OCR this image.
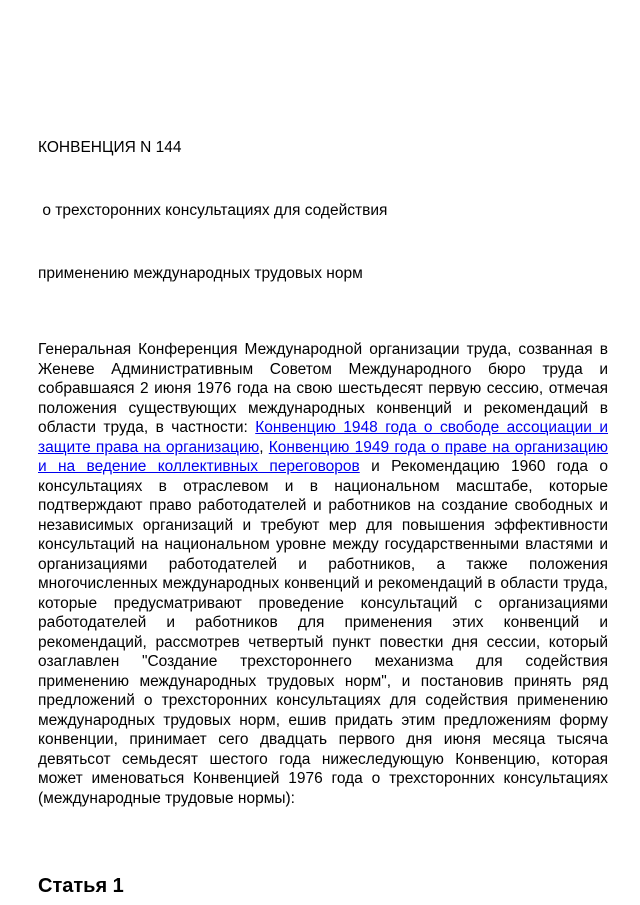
КОНВЕНЦИЯ N 144

о трехсторонних консультациях для содействия

применению международных трудовых норм

Генеральная Конференция Международной организации труда, созванная в Женеве Административным Советом Международного бюро труда и собравшаяся 2 июня 1976 года на свою шестьдесят первую сессию, отмечая положения существующих международных конвенций и рекомендаций в области труда, в частности: Конвенцию 1948 года о свободе ассоциации и защите права на организацию, Конвенцию 1949 года о праве на организацию и на ведение коллективных переговоров и Рекомендацию 1960 года о консультациях в отраслевом и в национальном масштабе, которые подтверждают право работодателей и работников на создание свободных и независимых организаций и требуют мер для повышения эффективности консультаций на национальном уровне между государственными властями и организациями работодателей и работников, а также положения многочисленных международных конвенций и рекомендаций в области труда, которые предусматривают проведение консультаций с организациями работодателей и работников для применения этих конвенций и рекомендаций, рассмотрев четвертый пункт повестки дня сессии, который озаглавлен "Создание трехстороннего механизма для содействия применению международных трудовых норм", и постановив принять ряд предложений о трехсторонних консультациях для содействия применению международных трудовых норм, ешив придать этим предложениям форму конвенции, принимает сего двадцать первого дня июня месяца тысяча девятьсот семьдесят шестого года нижеследующую Конвенцию, которая может именоваться Конвенцией 1976 года о трехсторонних консультациях (международные трудовые нормы):

Статья 1
